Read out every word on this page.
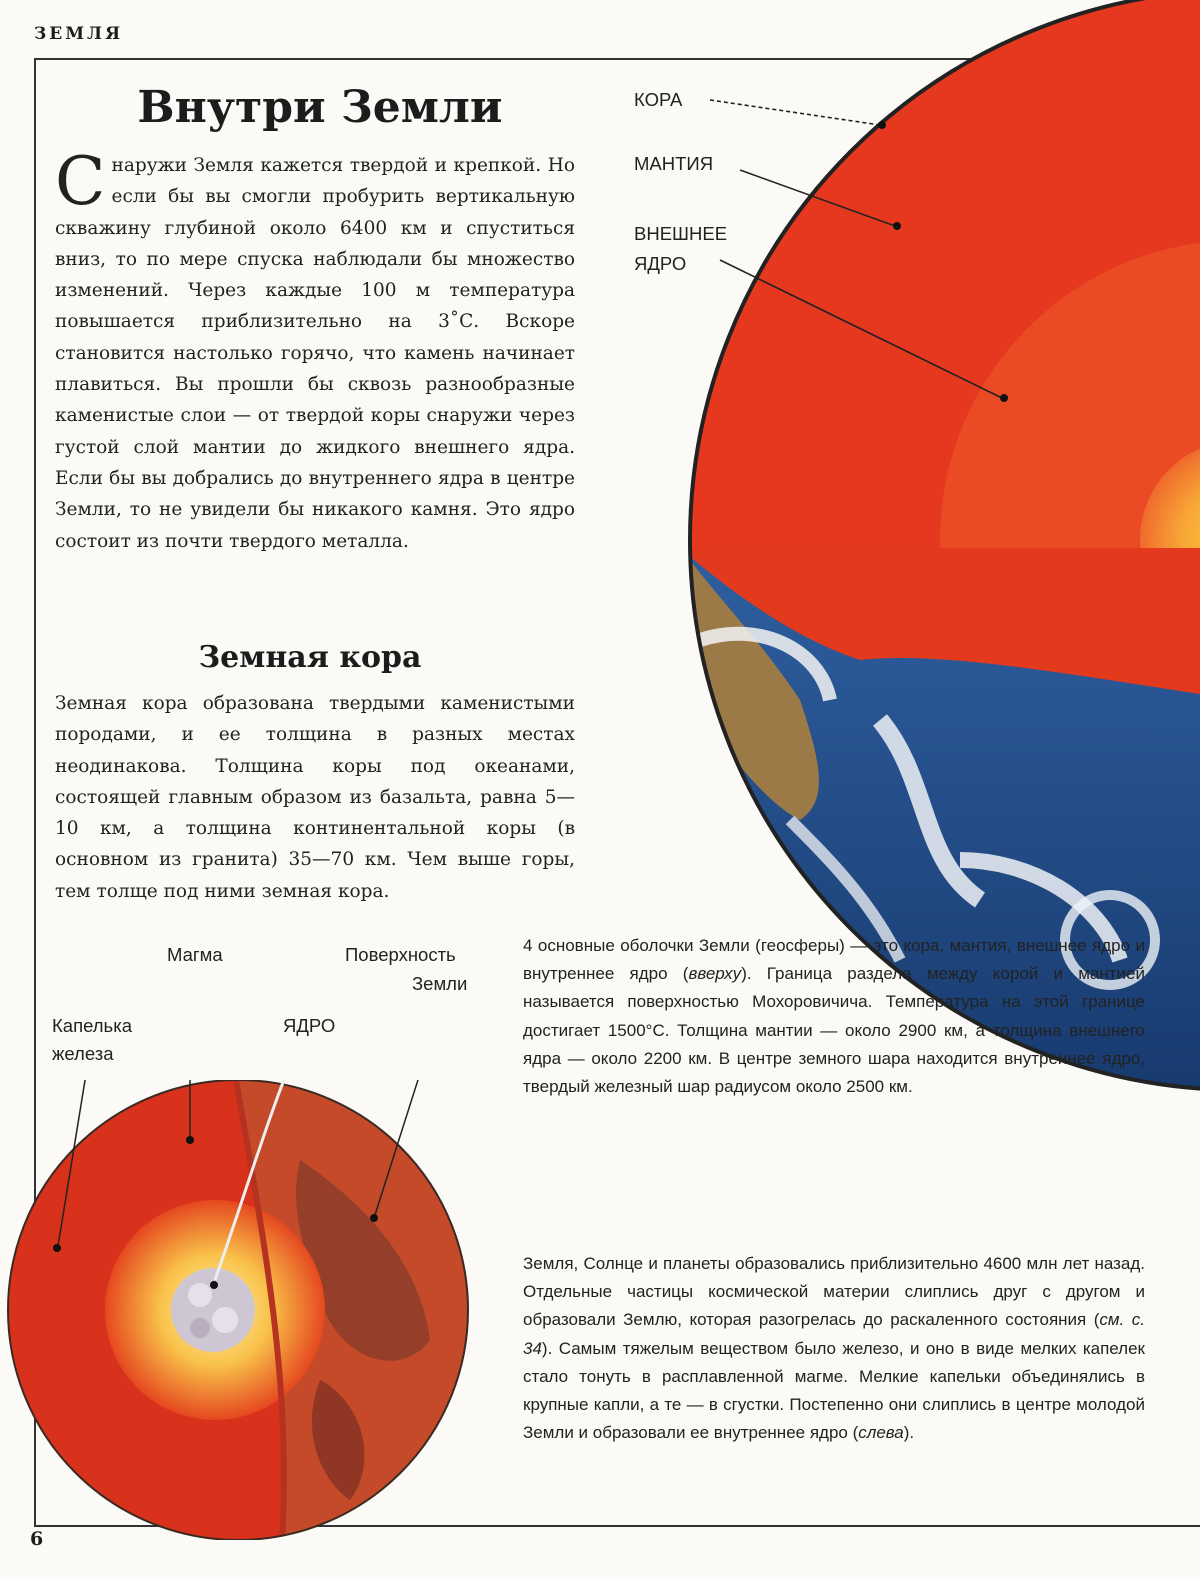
ЗЕМЛЯ
Внутри Земли
Снаружи Земля кажется твердой и крепкой. Но если бы вы смогли пробурить вертикальную скважину глубиной около 6400 км и спуститься вниз, то по мере спуска наблюдали бы множество изменений. Через каждые 100 м температура повышается приблизительно на 3˚С. Вскоре становится настолько горячо, что камень начинает плавиться. Вы прошли бы сквозь разнообразные каменистые слои — от твердой коры снаружи через густой слой мантии до жидкого внешнего ядра. Если бы вы добрались до внутреннего ядра в центре Земли, то не увидели бы никакого камня. Это ядро состоит из почти твердого металла.
Земная кора
Земная кора образована твердыми каменистыми породами, и ее толщина в разных местах неодинакова. Толщина коры под океанами, состоящей главным образом из базальта, равна 5—10 км, а толщина континентальной коры (в основном из гранита) 35—70 км. Чем выше горы, тем толще под ними земная кора.
КОРА
МАНТИЯ
ВНЕШНЕЕ
ЯДРО
Магма	Поверхность
Земли
Капелька
железа
ЯДРО
4 основные оболочки Земли (геосферы) — это кора, мантия, внешнее ядро и внутреннее ядро (вверху). Граница раздела между корой и мантией называется поверхностью Мохоровичича. Температура на этой границе достигает 1500°С. Толщина мантии — около 2900 км, а толщина внешнего ядра — около 2200 км. В центре земного шара находится внутреннее ядро, твердый железный шар радиусом около 2500 км.
Земля, Солнце и планеты образовались приблизительно 4600 млн лет назад. Отдельные частицы космической материи слиплись друг с другом и образовали Землю, которая разогрелась до раскаленного состояния (см. с. 34). Самым тяжелым веществом было железо, и оно в виде мелких капелек стало тонуть в расплавленной магме. Мелкие капельки объединялись в крупные капли, а те — в сгустки. Постепенно они слиплись в центре молодой Земли и образовали ее внутреннее ядро (слева).
6
